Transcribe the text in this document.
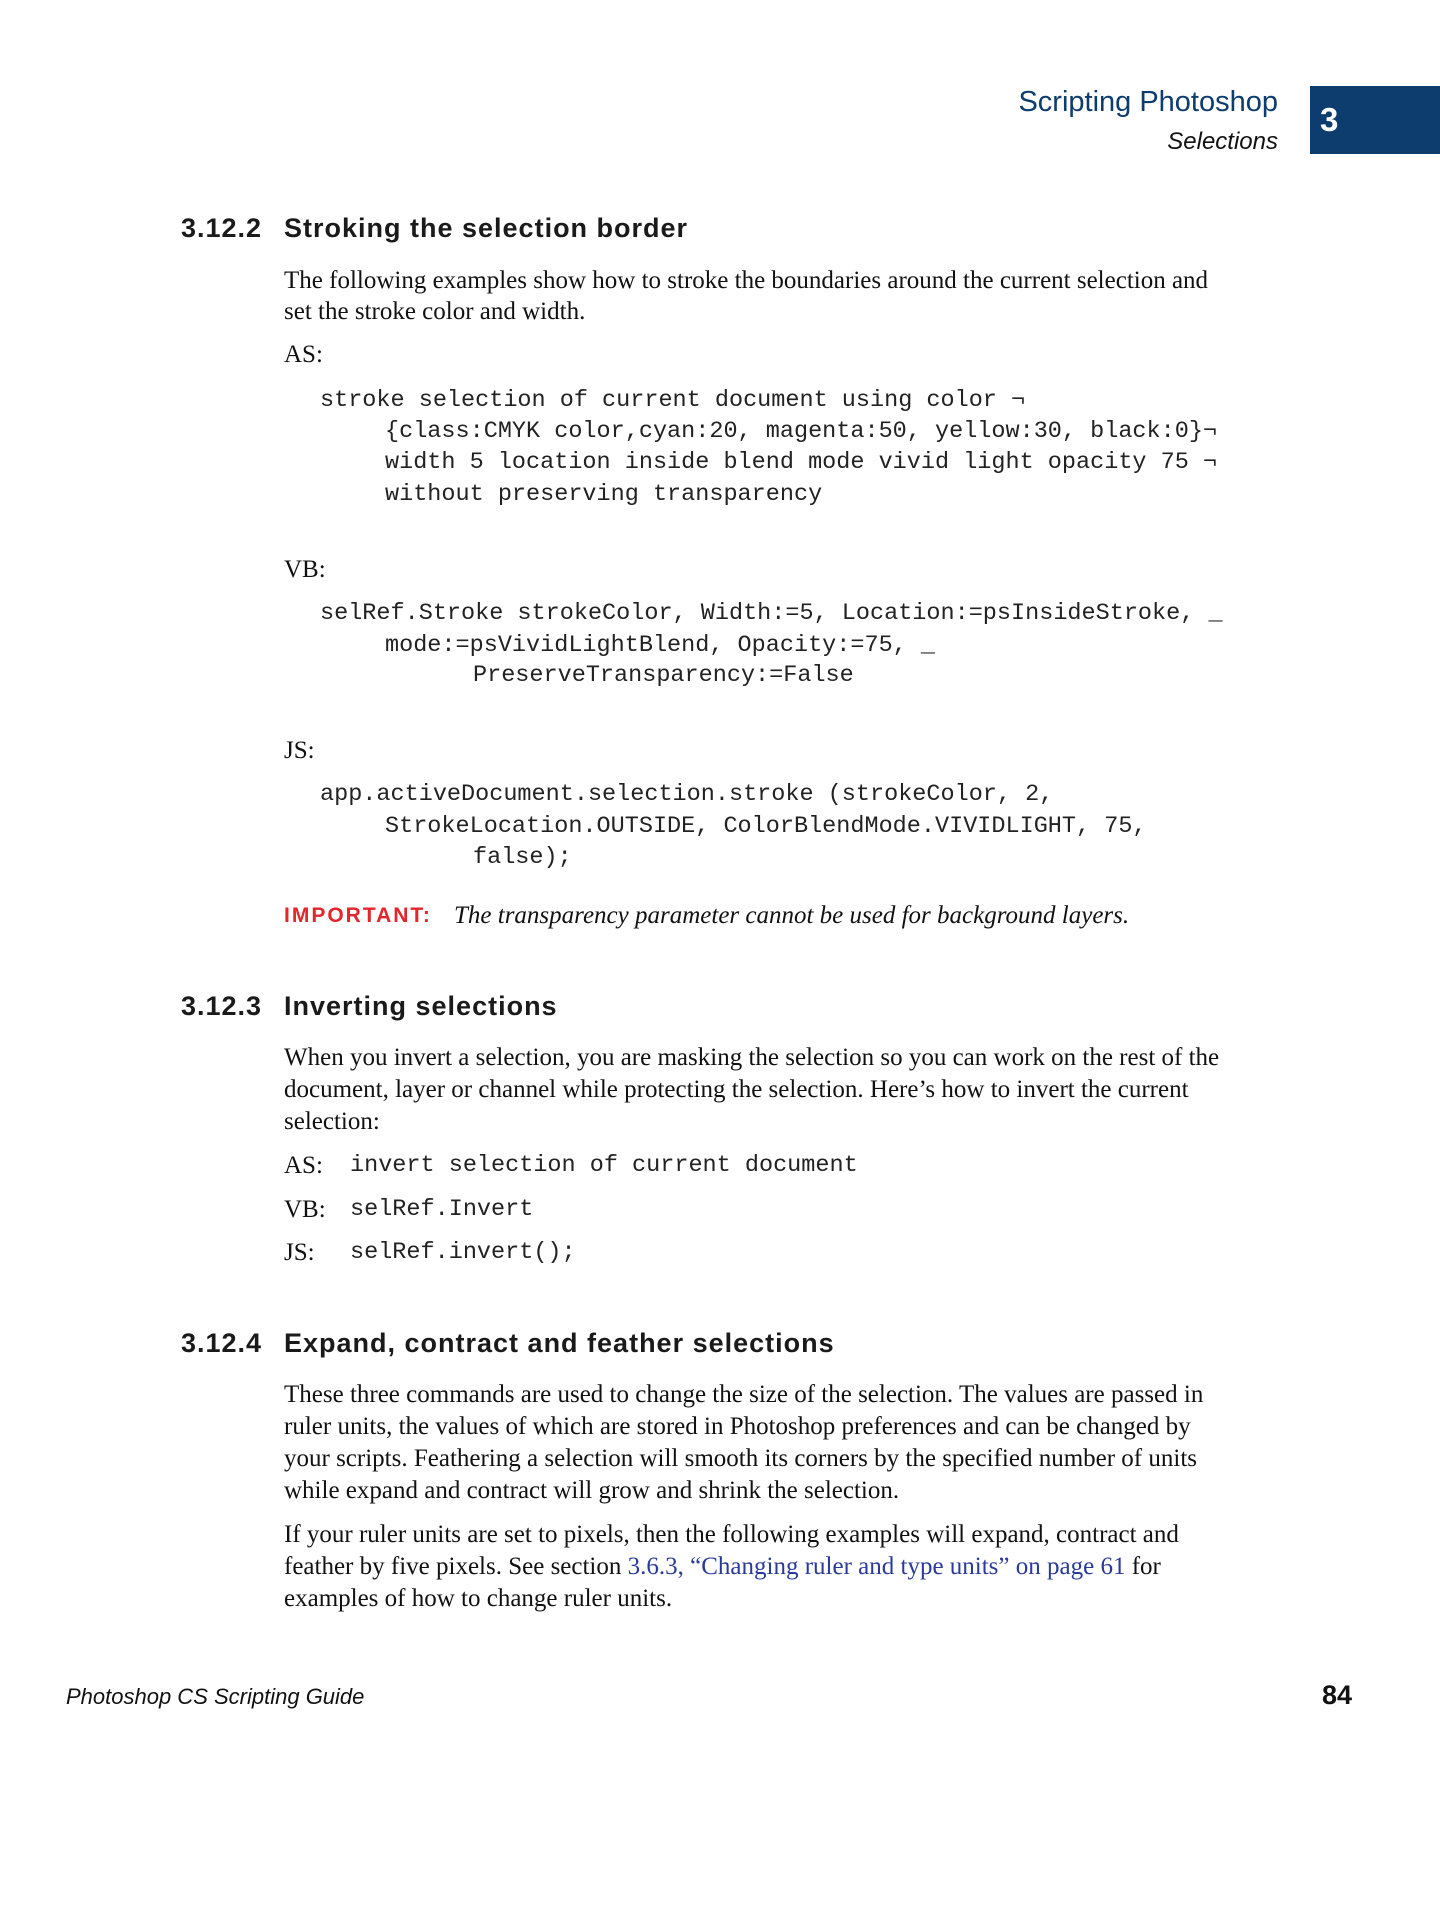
Scripting Photoshop
Selections
3
3.12.2 Stroking the selection border
The following examples show how to stroke the boundaries around the current selection and
set the stroke color and width.
AS:
stroke selection of current document using color ¬
{class:CMYK color,cyan:20, magenta:50, yellow:30, black:0}¬
width 5 location inside blend mode vivid light opacity 75 ¬
without preserving transparency
VB:
selRef.Stroke strokeColor, Width:=5, Location:=psInsideStroke, _
mode:=psVividLightBlend, Opacity:=75, _
PreserveTransparency:=False
JS:
app.activeDocument.selection.stroke (strokeColor, 2,
StrokeLocation.OUTSIDE, ColorBlendMode.VIVIDLIGHT, 75,
false);
IMPORTANT: The transparency parameter cannot be used for background layers.
3.12.3 Inverting selections
When you invert a selection, you are masking the selection so you can work on the rest of the
document, layer or channel while protecting the selection. Here’s how to invert the current
selection:
AS: invert selection of current document
VB: selRef.Invert
JS: selRef.invert();
3.12.4 Expand, contract and feather selections
These three commands are used to change the size of the selection. The values are passed in
ruler units, the values of which are stored in Photoshop preferences and can be changed by
your scripts. Feathering a selection will smooth its corners by the specified number of units
while expand and contract will grow and shrink the selection.
If your ruler units are set to pixels, then the following examples will expand, contract and
feather by five pixels. See section 3.6.3, “Changing ruler and type units” on page 61 for
examples of how to change ruler units.
Photoshop CS Scripting Guide	84
